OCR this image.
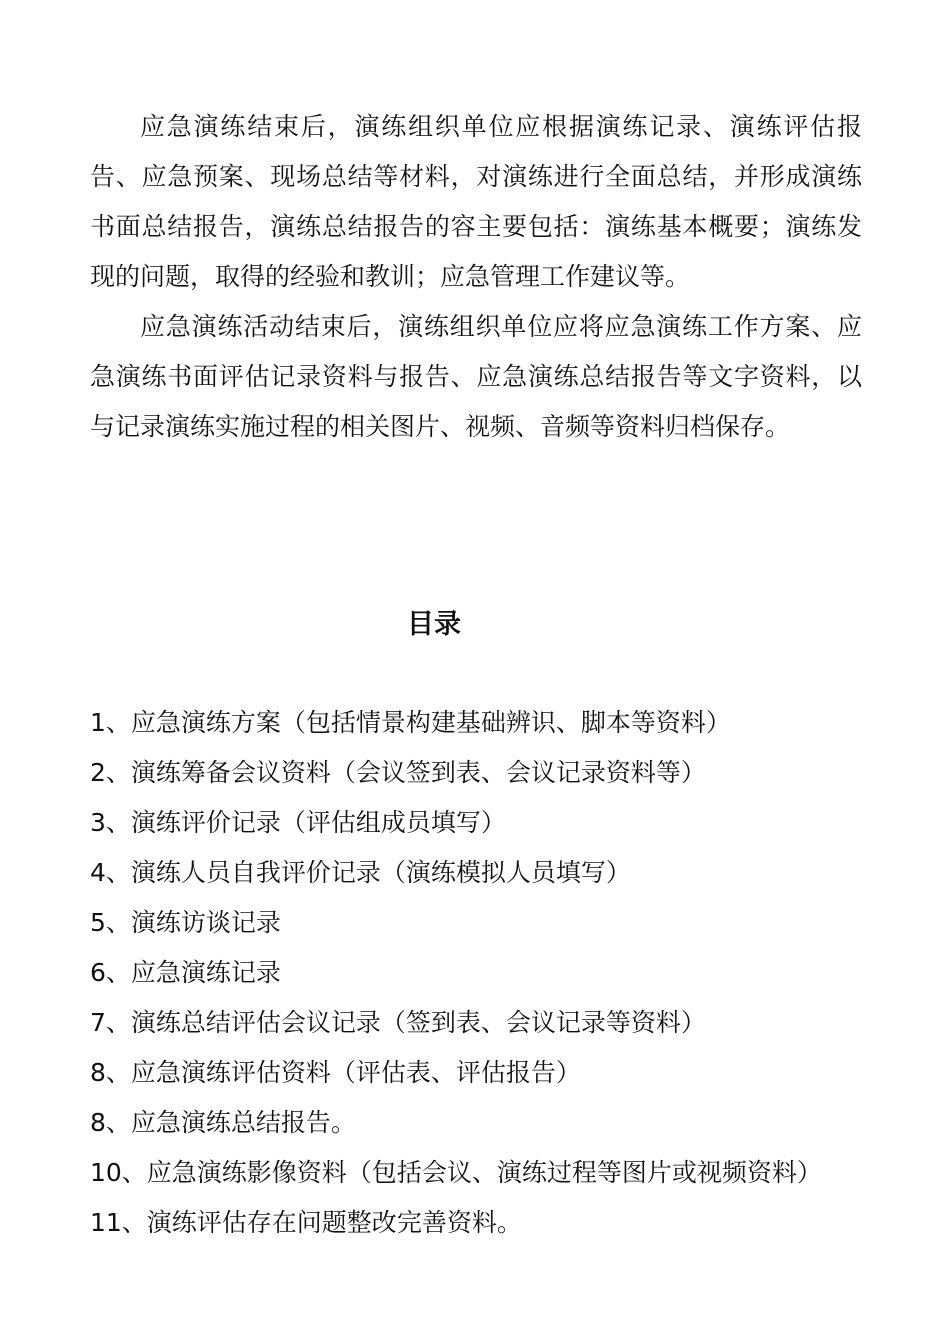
应急演练结束后，演练组织单位应根据演练记录、演练评估报告、应急预案、现场总结等材料，对演练进行全面总结，并形成演练书面总结报告，演练总结报告的容主要包括：演练基本概要；演练发现的问题，取得的经验和教训；应急管理工作建议等。

应急演练活动结束后，演练组织单位应将应急演练工作方案、应急演练书面评估记录资料与报告、应急演练总结报告等文字资料，以与记录演练实施过程的相关图片、视频、音频等资料归档保存。

目录
1、应急演练方案（包括情景构建基础辨识、脚本等资料）
2、演练筹备会议资料（会议签到表、会议记录资料等）
3、演练评价记录（评估组成员填写）
4、演练人员自我评价记录（演练模拟人员填写）
5、演练访谈记录
6、应急演练记录
7、演练总结评估会议记录（签到表、会议记录等资料）
8、应急演练评估资料（评估表、评估报告）
8、应急演练总结报告。
10、应急演练影像资料（包括会议、演练过程等图片或视频资料）
11、演练评估存在问题整改完善资料。
